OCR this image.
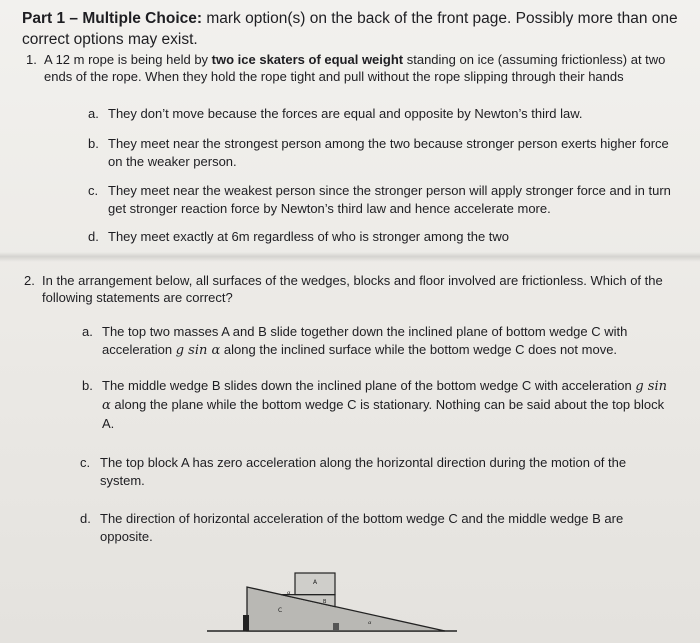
Part 1 – Multiple Choice: mark option(s) on the back of the front page. Possibly more than one correct options may exist.
1. A 12 m rope is being held by two ice skaters of equal weight standing on ice (assuming frictionless) at two ends of the rope. When they hold the rope tight and pull without the rope slipping through their hands
a. They don’t move because the forces are equal and opposite by Newton’s third law.
b. They meet near the strongest person among the two because stronger person exerts higher force on the weaker person.
c. They meet near the weakest person since the stronger person will apply stronger force and in turn get stronger reaction force by Newton’s third law and hence accelerate more.
d. They meet exactly at 6m regardless of who is stronger among the two
2. In the arrangement below, all surfaces of the wedges, blocks and floor involved are frictionless. Which of the following statements are correct?
a. The top two masses A and B slide together down the inclined plane of bottom wedge C with acceleration g sin α along the inclined surface while the bottom wedge C does not move.
b. The middle wedge B slides down the inclined plane of the bottom wedge C with acceleration g sin α along the plane while the bottom wedge C is stationary. Nothing can be said about the top block A.
c. The top block A has zero acceleration along the horizontal direction during the motion of the system.
d. The direction of horizontal acceleration of the bottom wedge C and the middle wedge B are opposite.
A
B
C
α
α
